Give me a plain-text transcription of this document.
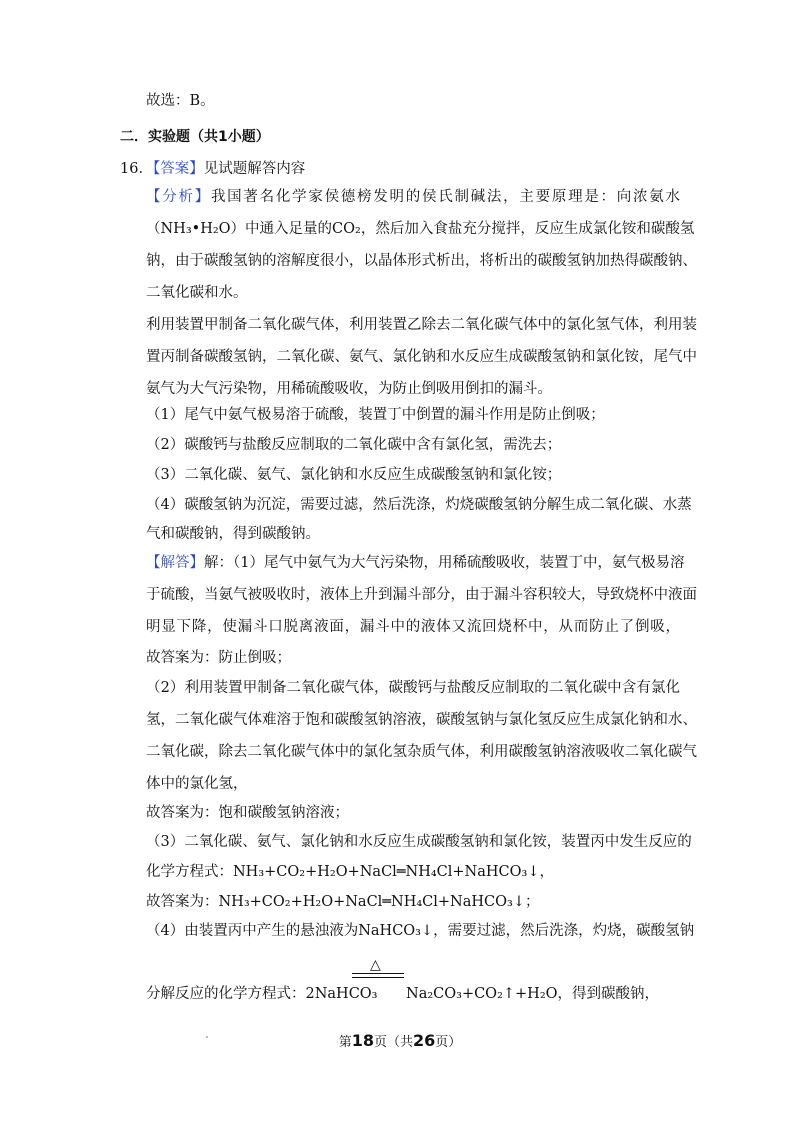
故选：B。
二．实验题（共1小题）
16．【答案】见试题解答内容
【分析】我国著名化学家侯德榜发明的侯氏制碱法，主要原理是：向浓氨水
（NH₃•H₂O）中通入足量的CO₂，然后加入食盐充分搅拌，反应生成氯化铵和碳酸氢
钠，由于碳酸氢钠的溶解度很小，以晶体形式析出，将析出的碳酸氢钠加热得碳酸钠、
二氧化碳和水。
利用装置甲制备二氧化碳气体，利用装置乙除去二氧化碳气体中的氯化氢气体，利用装
置丙制备碳酸氢钠，二氧化碳、氨气、氯化钠和水反应生成碳酸氢钠和氯化铵，尾气中
氨气为大气污染物，用稀硫酸吸收，为防止倒吸用倒扣的漏斗。
（1）尾气中氨气极易溶于硫酸，装置丁中倒置的漏斗作用是防止倒吸；
（2）碳酸钙与盐酸反应制取的二氧化碳中含有氯化氢，需洗去；
（3）二氧化碳、氨气、氯化钠和水反应生成碳酸氢钠和氯化铵；
（4）碳酸氢钠为沉淀，需要过滤，然后洗涤，灼烧碳酸氢钠分解生成二氧化碳、水蒸
气和碳酸钠，得到碳酸钠。
【解答】解：（1）尾气中氨气为大气污染物，用稀硫酸吸收，装置丁中，氨气极易溶
于硫酸，当氨气被吸收时，液体上升到漏斗部分，由于漏斗容积较大，导致烧杯中液面
明显下降，使漏斗口脱离液面，漏斗中的液体又流回烧杯中，从而防止了倒吸，
故答案为：防止倒吸；
（2）利用装置甲制备二氧化碳气体，碳酸钙与盐酸反应制取的二氧化碳中含有氯化
氢，二氧化碳气体难溶于饱和碳酸氢钠溶液，碳酸氢钠与氯化氢反应生成氯化钠和水、
二氧化碳，除去二氧化碳气体中的氯化氢杂质气体，利用碳酸氢钠溶液吸收二氧化碳气
体中的氯化氢，
故答案为：饱和碳酸氢钠溶液；
（3）二氧化碳、氨气、氯化钠和水反应生成碳酸氢钠和氯化铵，装置丙中发生反应的
化学方程式：NH₃+CO₂+H₂O+NaCl═NH₄Cl+NaHCO₃↓，
故答案为：NH₃+CO₂+H₂O+NaCl═NH₄Cl+NaHCO₃↓；
（4）由装置丙中产生的悬浊液为NaHCO₃↓，需要过滤，然后洗涤，灼烧，碳酸氢钠
分解反应的化学方程式：2NaHCO₃
△
Na₂CO₃+CO₂↑+H₂O，得到碳酸钠，
第18页（共26页）
